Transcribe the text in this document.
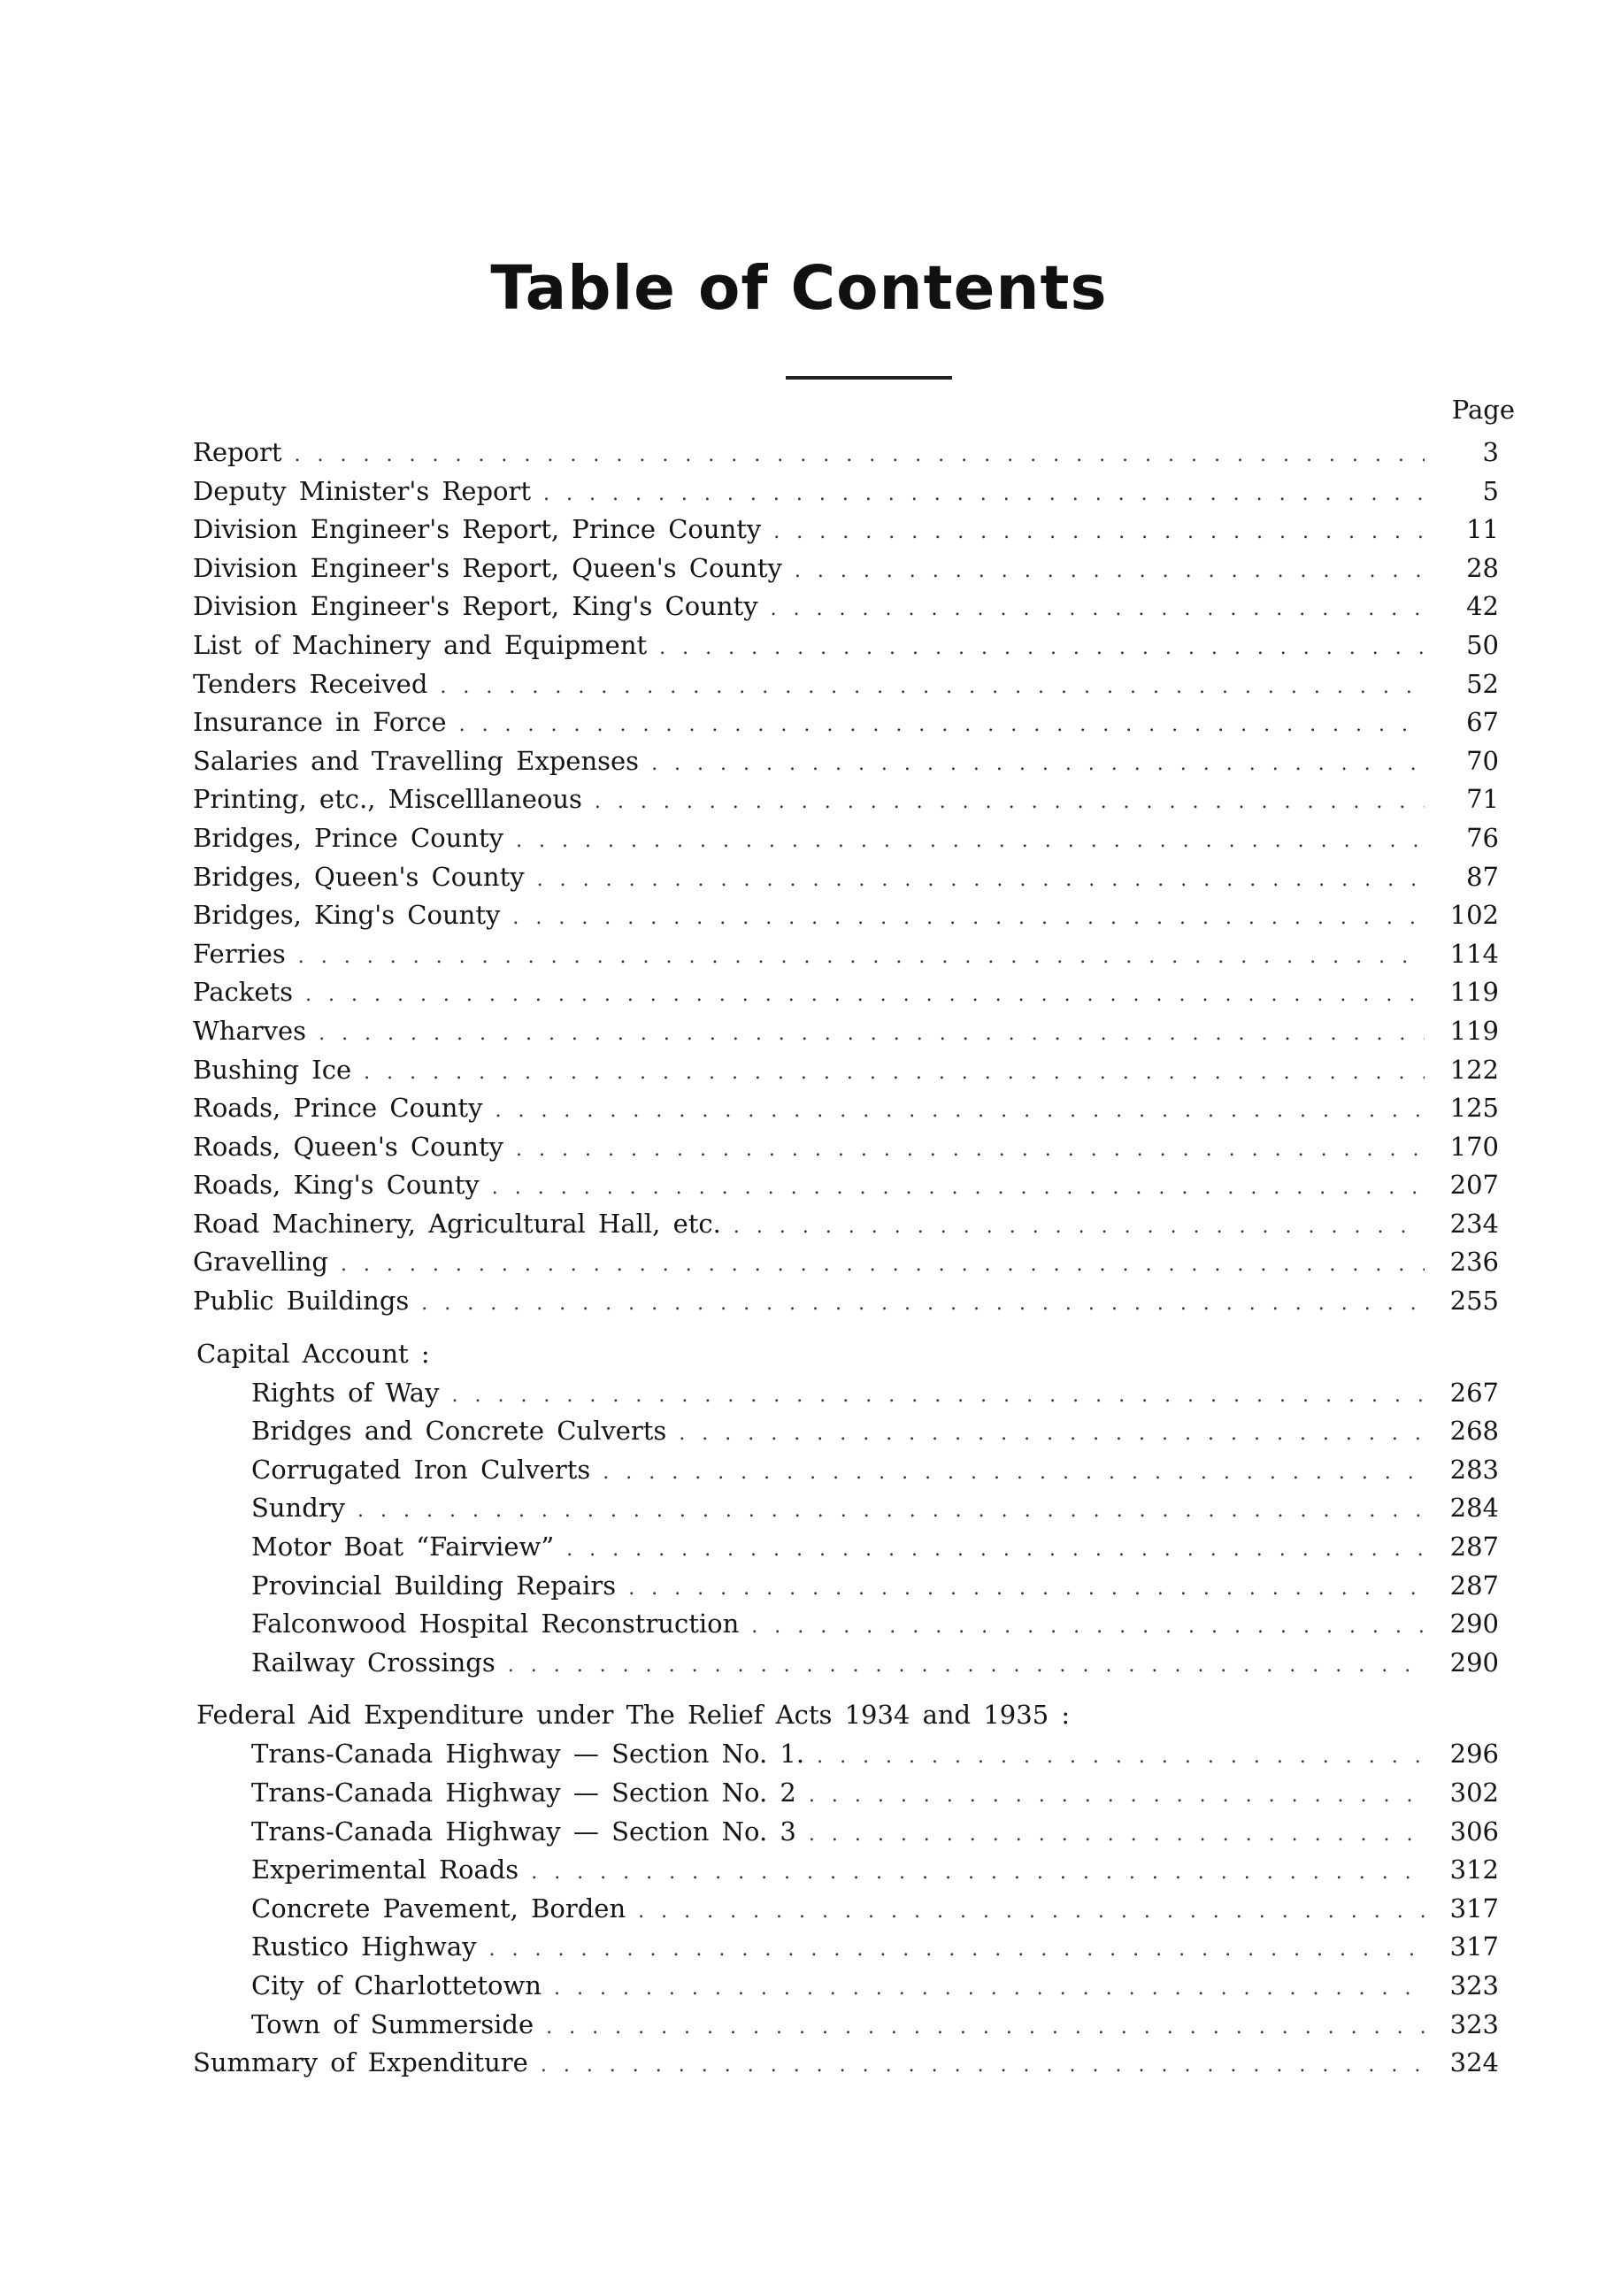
Table of Contents
Page
Report . . .	3
Deputy Minister's Report . . .	5
Division Engineer's Report, Prince County . . .	11
Division Engineer's Report, Queen's County . . .	28
Division Engineer's Report, King's County . . .	42
List of Machinery and Equipment . . .	50
Tenders Received . . .	52
Insurance in Force . . .	67
Salaries and Travelling Expenses . . .	70
Printing, etc., Miscelllaneous . . .	71
Bridges, Prince County . . .	76
Bridges, Queen's County . . .	87
Bridges, King's County . . .	102
Ferries . . .	114
Packets . . .	119
Wharves . . .	119
Bushing Ice . . .	122
Roads, Prince County . . .	125
Roads, Queen's County . . .	170
Roads, King's County . . .	207
Road Machinery, Agricultural Hall, etc. . . .	234
Gravelling . . .	236
Public Buildings . . .	255
Capital Account :
Rights of Way . . .	267
Bridges and Concrete Culverts . . .	268
Corrugated Iron Culverts . . .	283
Sundry . . .	284
Motor Boat “Fairview” . . .	287
Provincial Building Repairs . . .	287
Falconwood Hospital Reconstruction . . .	290
Railway Crossings . . .	290
Federal Aid Expenditure under The Relief Acts 1934 and 1935 :
Trans-Canada Highway — Section No. 1. . . .	296
Trans-Canada Highway — Section No. 2 . . .	302
Trans-Canada Highway — Section No. 3 . . .	306
Experimental Roads . . .	312
Concrete Pavement, Borden . . .	317
Rustico Highway . . .	317
City of Charlottetown . . .	323
Town of Summerside . . .	323
Summary of Expenditure . . .	324
